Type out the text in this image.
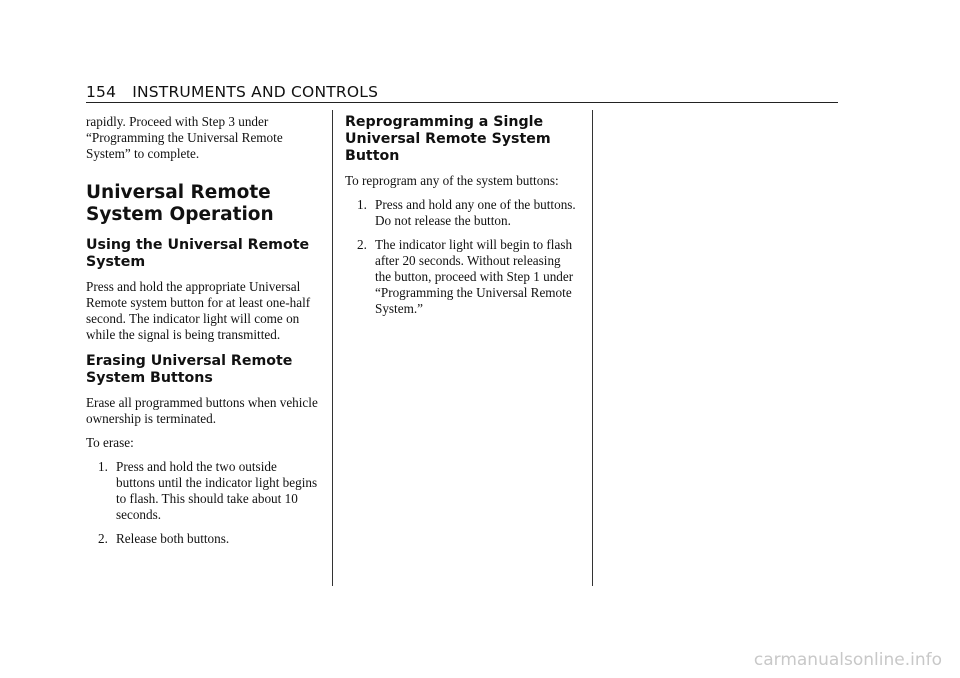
154 INSTRUMENTS AND CONTROLS

rapidly. Proceed with Step 3 under “Programming the Universal Remote System” to complete.

Universal Remote System Operation
Using the Universal Remote System

Press and hold the appropriate Universal Remote system button for at least one-half second. The indicator light will come on while the signal is being transmitted.

Erasing Universal Remote System Buttons

Erase all programmed buttons when vehicle ownership is terminated.

To erase:

1. Press and hold the two outside buttons until the indicator light begins to flash. This should take about 10 seconds.
2. Release both buttons.
Reprogramming a Single Universal Remote System Button

To reprogram any of the system buttons:

1. Press and hold any one of the buttons. Do not release the button.
2. The indicator light will begin to flash after 20 seconds. Without releasing the button, proceed with Step 1 under “Programming the Universal Remote System.”
carmanualsonline.info
